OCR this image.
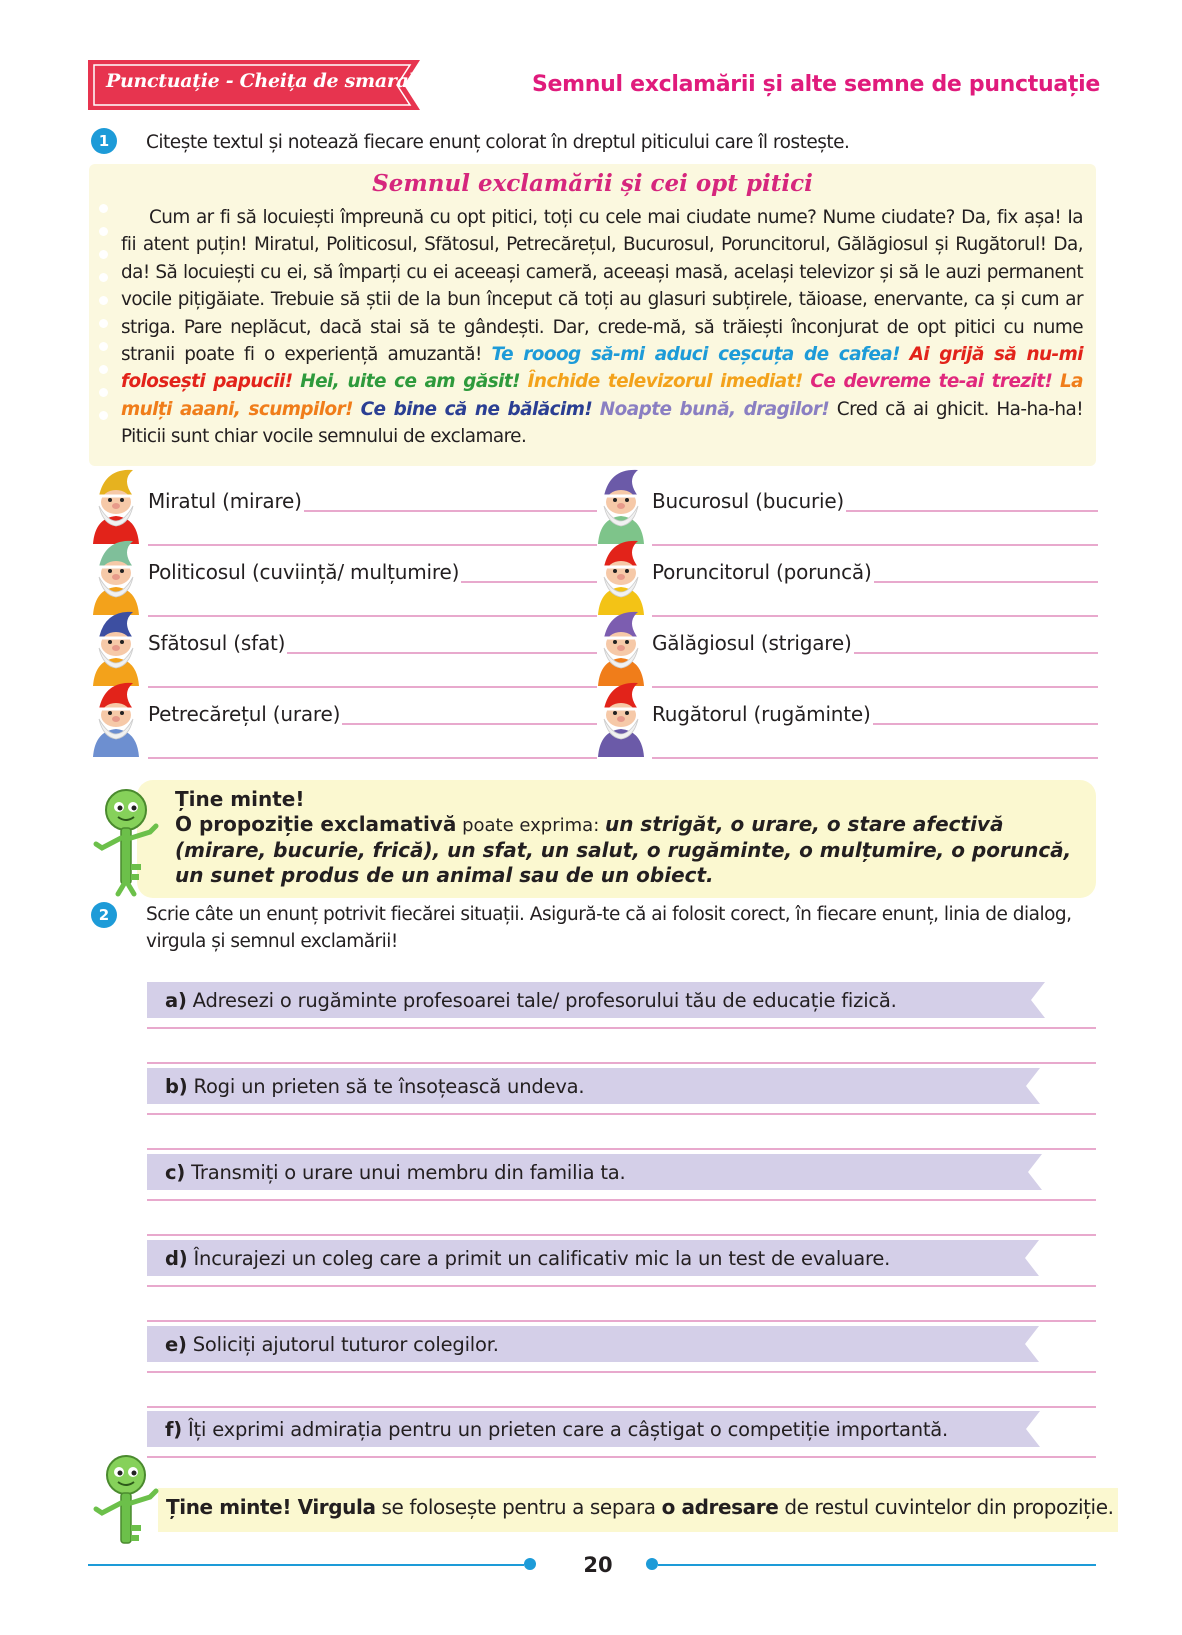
Punctuație - Cheița de smarald	Semnul exclamării și alte semne de punctuație
1	Citește textul și notează fiecare enunț colorat în dreptul piticului care îl rostește.
Semnul exclamării și cei opt pitici
Cum ar fi să locuiești împreună cu opt pitici, toți cu cele mai ciudate nume? Nume ciudate? Da, fix așa! Ia fii atent puțin! Miratul, Politicosul, Sfătosul, Petrecărețul, Bucurosul, Poruncitorul, Gălăgiosul și Rugătorul! Da, da! Să locuiești cu ei, să împarți cu ei aceeași cameră, aceeași masă, același televizor și să le auzi permanent vocile pițigăiate. Trebuie să știi de la bun început că toți au glasuri subțirele, tăioase, enervante, ca și cum ar striga. Pare neplăcut, dacă stai să te gândești. Dar, crede-mă, să trăiești înconjurat de opt pitici cu nume stranii poate fi o experiență amuzantă! Te rooog să-mi aduci ceșcuța de cafea! Ai grijă să nu-mi folosești papucii! Hei, uite ce am găsit! Închide televizorul imediat! Ce devreme te-ai trezit! La mulți aaani, scumpilor! Ce bine că ne bălăcim! Noapte bună, dragilor! Cred că ai ghicit. Ha-ha-ha! Piticii sunt chiar vocile semnului de exclamare.
Miratul (mirare)	Bucurosul (bucurie)
Politicosul (cuviință/ mulțumire)	Poruncitorul (poruncă)
Sfătosul (sfat)	Gălăgiosul (strigare)
Petrecărețul (urare)	Rugătorul (rugăminte)
Ține minte!
O propoziție exclamativă poate exprima: un strigăt, o urare, o stare afectivă (mirare, bucurie, frică), un sfat, un salut, o rugăminte, o mulțumire, o poruncă, un sunet produs de un animal sau de un obiect.
2	Scrie câte un enunț potrivit fiecărei situații. Asigură-te că ai folosit corect, în fiecare enunț, linia de dialog, virgula și semnul exclamării!
a) Adresezi o rugăminte profesoarei tale/ profesorului tău de educație fizică.
b) Rogi un prieten să te însoțească undeva.
c) Transmiți o urare unui membru din familia ta.
d) Încurajezi un coleg care a primit un calificativ mic la un test de evaluare.
e) Soliciți ajutorul tuturor colegilor.
f) Îți exprimi admirația pentru un prieten care a câștigat o competiție importantă.
Ține minte! Virgula se folosește pentru a separa o adresare de restul cuvintelor din propoziție.
20
